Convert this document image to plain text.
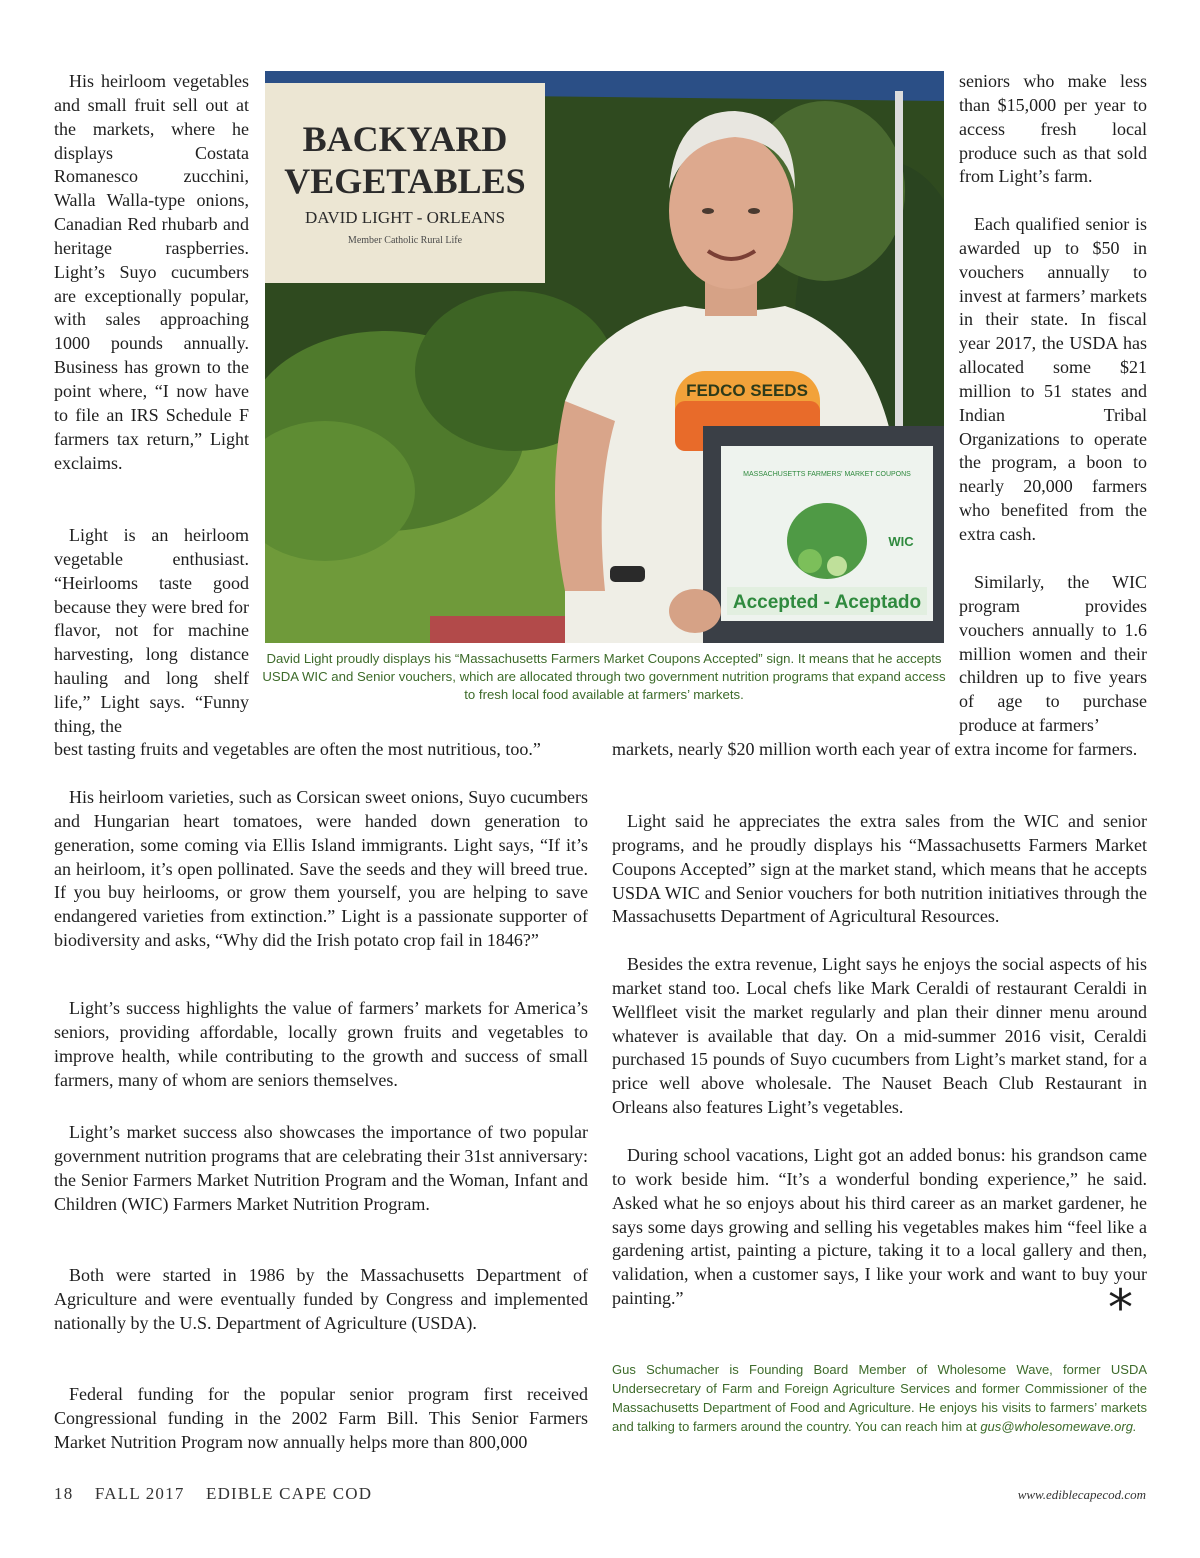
His heirloom vegetables and small fruit sell out at the markets, where he displays Costata Romanesco zucchini, Walla Walla-type onions, Canadian Red rhubarb and heritage raspberries. Light’s Suyo cucumbers are exceptionally popular, with sales approaching 1000 pounds annually. Business has grown to the point where, “I now have to file an IRS Schedule F farmers tax return,” Light exclaims.

Light is an heirloom vegetable enthusiast. “Heirlooms taste good because they were bred for flavor, not for machine harvesting, long distance hauling and long shelf life,” Light says. “Funny thing, the

BACKYARD
VEGETABLES
DAVID LIGHT - ORLEANS
Member Catholic Rural Life
FEDCO SEEDS
MASSACHUSETTS FARMERS' MARKET COUPONS
WIC
Accepted - Aceptado
David Light proudly displays his “Massachusetts Farmers Market Coupons Accepted” sign. It means that he accepts USDA WIC and Senior vouchers, which are allocated through two government nutrition programs that expand access to fresh local food available at farmers’ markets.

seniors who make less than $15,000 per year to access fresh local produce such as that sold from Light’s farm.

Each qualified senior is awarded up to $50 in vouchers annually to invest at farmers’ markets in their state. In fiscal year 2017, the USDA has allocated some $21 million to 51 states and Indian Tribal Organizations to operate the program, a boon to nearly 20,000 farmers who benefited from the extra cash.

Similarly, the WIC program provides vouchers annually to 1.6 million women and their children up to five years of age to purchase produce at farmers’

best tasting fruits and vegetables are often the most nutritious, too.”

His heirloom varieties, such as Corsican sweet onions, Suyo cucumbers and Hungarian heart tomatoes, were handed down generation to generation, some coming via Ellis Island immigrants. Light says, “If it’s an heirloom, it’s open pollinated. Save the seeds and they will breed true. If you buy heirlooms, or grow them yourself, you are helping to save endangered varieties from extinction.” Light is a passionate supporter of biodiversity and asks, “Why did the Irish potato crop fail in 1846?”

Light’s success highlights the value of farmers’ markets for America’s seniors, providing affordable, locally grown fruits and vegetables to improve health, while contributing to the growth and success of small farmers, many of whom are seniors themselves.

Light’s market success also showcases the importance of two popular government nutrition programs that are celebrating their 31st anniversary: the Senior Farmers Market Nutrition Program and the Woman, Infant and Children (WIC) Farmers Market Nutrition Program.

Both were started in 1986 by the Massachusetts Department of Agriculture and were eventually funded by Congress and implemented nationally by the U.S. Department of Agriculture (USDA).

Federal funding for the popular senior program first received Congressional funding in the 2002 Farm Bill. This Senior Farmers Market Nutrition Program now annually helps more than 800,000

markets, nearly $20 million worth each year of extra income for farmers.

Light said he appreciates the extra sales from the WIC and senior programs, and he proudly displays his “Massachusetts Farmers Market Coupons Accepted” sign at the market stand, which means that he accepts USDA WIC and Senior vouchers for both nutrition initiatives through the Massachusetts Department of Agricultural Resources.

Besides the extra revenue, Light says he enjoys the social aspects of his market stand too. Local chefs like Mark Ceraldi of restaurant Ceraldi in Wellfleet visit the market regularly and plan their dinner menu around whatever is available that day. On a mid-summer 2016 visit, Ceraldi purchased 15 pounds of Suyo cucumbers from Light’s market stand, for a price well above wholesale. The Nauset Beach Club Restaurant in Orleans also features Light’s vegetables.

During school vacations, Light got an added bonus: his grandson came to work beside him. “It’s a wonderful bonding experience,” he said. Asked what he so enjoys about his third career as an market gardener, he says some days growing and selling his vegetables makes him “feel like a gardening artist, painting a picture, taking it to a local gallery and then, validation, when a customer says, I like your work and want to buy your painting.”	*
Gus Schumacher is Founding Board Member of Wholesome Wave, former USDA Undersecretary of Farm and Foreign Agriculture Services and former Commissioner of the Massachusetts Department of Food and Agriculture. He enjoys his visits to farmers’ markets and talking to farmers around the country. You can reach him at gus@wholesomewave.org.
18 FALL 2017 EDIBLE CAPE COD	www.ediblecapecod.com
